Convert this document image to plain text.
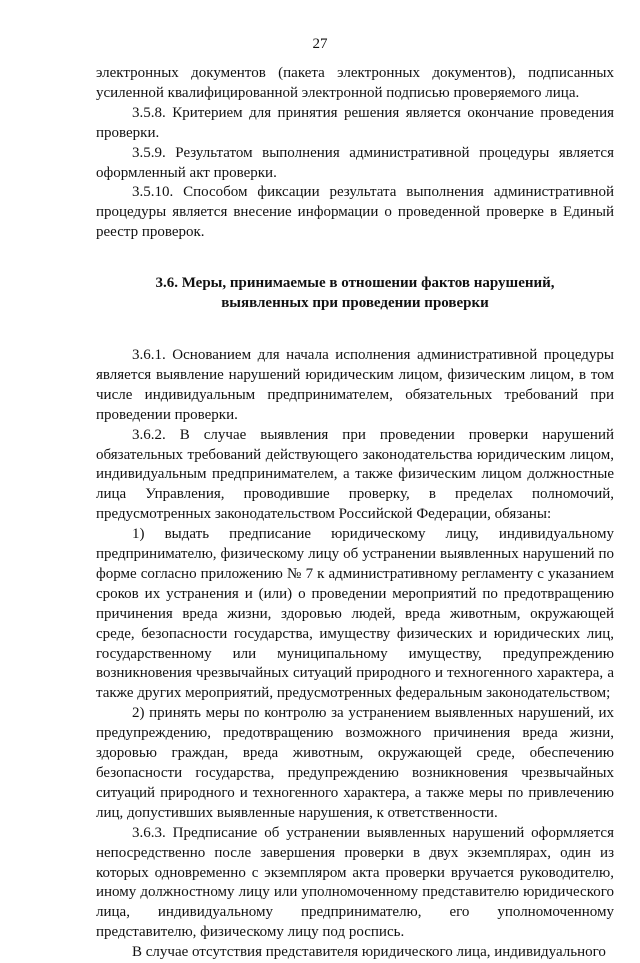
27

электронных документов (пакета электронных документов), подписанных усиленной квалифицированной электронной подписью проверяемого лица.

3.5.8. Критерием для принятия решения является окончание проведения проверки.

3.5.9. Результатом выполнения административной процедуры является оформленный акт проверки.

3.5.10. Способом фиксации результата выполнения административной процедуры является внесение информации о проведенной проверке в Единый реестр проверок.

3.6. Меры, принимаемые в отношении фактов нарушений,
выявленных при проведении проверки

3.6.1. Основанием для начала исполнения административной процедуры является выявление нарушений юридическим лицом, физическим лицом, в том числе индивидуальным предпринимателем, обязательных требований при проведении проверки.

3.6.2. В случае выявления при проведении проверки нарушений обязательных требований действующего законодательства юридическим лицом, индивидуальным предпринимателем, а также физическим лицом должностные лица Управления, проводившие проверку, в пределах полномочий, предусмотренных законодательством Российской Федерации, обязаны:

1) выдать предписание юридическому лицу, индивидуальному предпринимателю, физическому лицу об устранении выявленных нарушений по форме согласно приложению № 7 к административному регламенту с указанием сроков их устранения и (или) о проведении мероприятий по предотвращению причинения вреда жизни, здоровью людей, вреда животным, окружающей среде, безопасности государства, имуществу физических и юридических лиц, государственному или муниципальному имуществу, предупреждению возникновения чрезвычайных ситуаций природного и техногенного характера, а также других мероприятий, предусмотренных федеральным законодательством;

2) принять меры по контролю за устранением выявленных нарушений, их предупреждению, предотвращению возможного причинения вреда жизни, здоровью граждан, вреда животным, окружающей среде, обеспечению безопасности государства, предупреждению возникновения чрезвычайных ситуаций природного и техногенного характера, а также меры по привлечению лиц, допустивших выявленные нарушения, к ответственности.

3.6.3. Предписание об устранении выявленных нарушений оформляется непосредственно после завершения проверки в двух экземплярах, один из которых одновременно с экземпляром акта проверки вручается руководителю, иному должностному лицу или уполномоченному представителю юридического лица, индивидуальному предпринимателю, его уполномоченному представителю, физическому лицу под роспись.

В случае отсутствия представителя юридического лица, индивидуального
